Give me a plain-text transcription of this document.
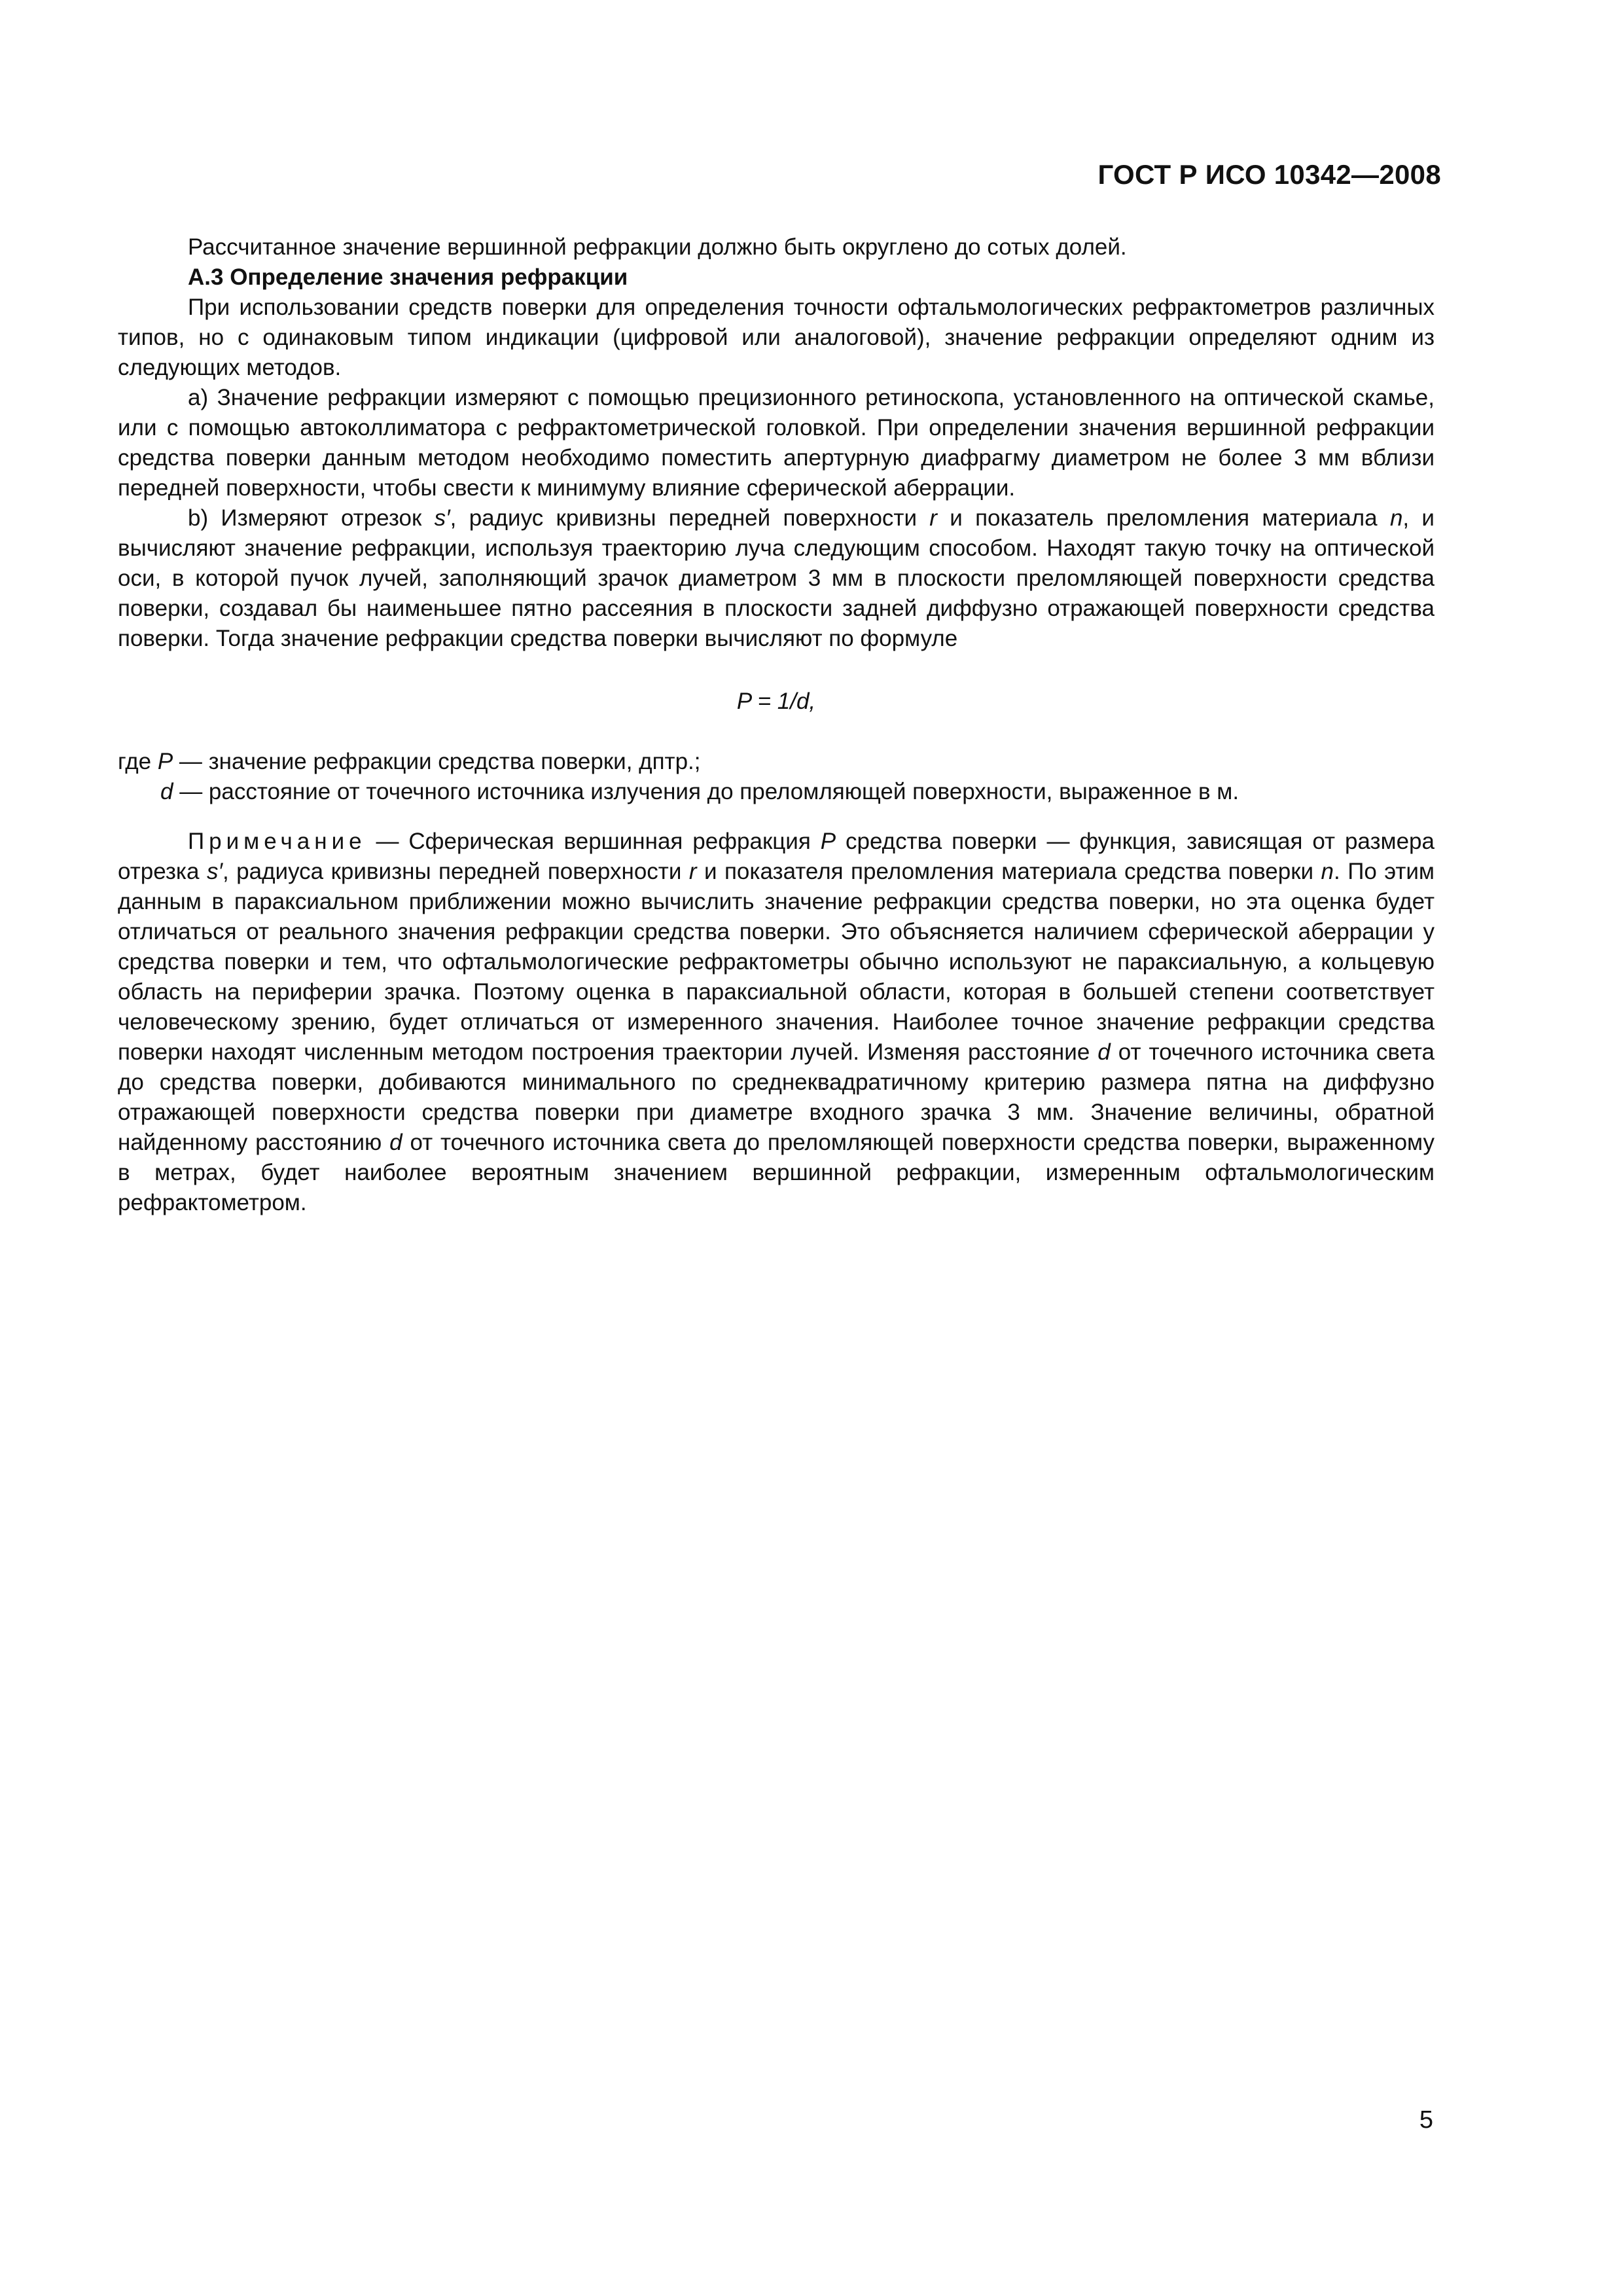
ГОСТ Р ИСО 10342—2008

Рассчитанное значение вершинной рефракции должно быть округлено до сотых долей.

А.3 Определение значения рефракции

При использовании средств поверки для определения точности офтальмологических рефрактометров различных типов, но с одинаковым типом индикации (цифровой или аналоговой), значение рефракции определяют одним из следующих методов.

а) Значение рефракции измеряют с помощью прецизионного ретиноскопа, установленного на оптической скамье, или с помощью автоколлиматора с рефрактометрической головкой. При определении значения вершинной рефракции средства поверки данным методом необходимо поместить апертурную диафрагму диаметром не более 3 мм вблизи передней поверхности, чтобы свести к минимуму влияние сферической аберрации.

b) Измеряют отрезок s′, радиус кривизны передней поверхности r и показатель преломления материала n, и вычисляют значение рефракции, используя траекторию луча следующим способом. Находят такую точку на оптической оси, в которой пучок лучей, заполняющий зрачок диаметром 3 мм в плоскости преломляющей поверхности средства поверки, создавал бы наименьшее пятно рассеяния в плоскости задней диффузно отражающей поверхности средства поверки. Тогда значение рефракции средства поверки вычисляют по формуле

P = 1/d,
где P — значение рефракции средства поверки, дптр.;
d — расстояние от точечного источника излучения до преломляющей поверхности, выраженное в м.

Примечание — Сферическая вершинная рефракция P средства поверки — функция, зависящая от размера отрезка s′, радиуса кривизны передней поверхности r и показателя преломления материала средства поверки n. По этим данным в параксиальном приближении можно вычислить значение рефракции средства поверки, но эта оценка будет отличаться от реального значения рефракции средства поверки. Это объясняется наличием сферической аберрации у средства поверки и тем, что офтальмологические рефрактометры обычно используют не параксиальную, а кольцевую область на периферии зрачка. Поэтому оценка в параксиальной области, которая в большей степени соответствует человеческому зрению, будет отличаться от измеренного значения. Наиболее точное значение рефракции средства поверки находят численным методом построения траектории лучей. Изменяя расстояние d от точечного источника света до средства поверки, добиваются минимального по среднеквадратичному критерию размера пятна на диффузно отражающей поверхности средства поверки при диаметре входного зрачка 3 мм. Значение величины, обратной найденному расстоянию d от точечного источника света до преломляющей поверхности средства поверки, выраженному в метрах, будет наиболее вероятным значением вершинной рефракции, измеренным офтальмологическим рефрактометром.

5
